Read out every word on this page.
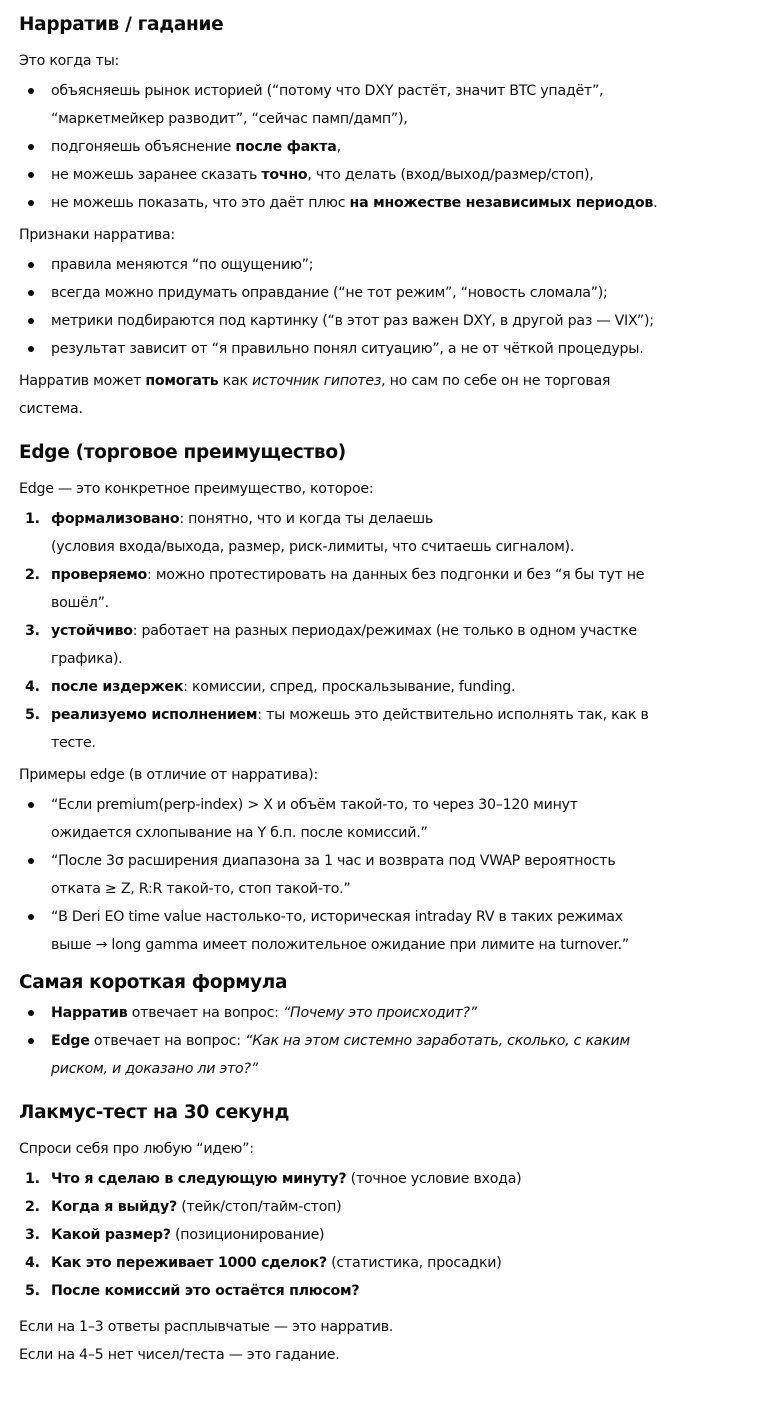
Нарратив / гадание

Это когда ты:

объясняешь рынок историей (“потому что DXY растёт, значит BTC упадёт”, “маркетмейкер разводит”, “сейчас памп/дамп”),
подгоняешь объяснение после факта,
не можешь заранее сказать точно, что делать (вход/выход/размер/стоп),
не можешь показать, что это даёт плюс на множестве независимых периодов.

Признаки нарратива:

правила меняются “по ощущению”;
всегда можно придумать оправдание (“не тот режим”, “новость сломала”);
метрики подбираются под картинку (“в этот раз важен DXY, в другой раз — VIX”);
результат зависит от “я правильно понял ситуацию”, а не от чёткой процедуры.

Нарратив может помогать как источник гипотез, но сам по себе он не торговая система.

Edge (торговое преимущество)

Edge — это конкретное преимущество, которое:

1. формализовано: понятно, что и когда ты делаешь
(условия входа/выхода, размер, риск-лимиты, что считаешь сигналом).
2. проверяемо: можно протестировать на данных без подгонки и без “я бы тут не вошёл”.
3. устойчиво: работает на разных периодах/режимах (не только в одном участке графика).
4. после издержек: комиссии, спред, проскальзывание, funding.
5. реализуемо исполнением: ты можешь это действительно исполнять так, как в тесте.

Примеры edge (в отличие от нарратива):

“Если premium(perp-index) > X и объём такой-то, то через 30–120 минут ожидается схлопывание на Y б.п. после комиссий.”
“После 3σ расширения диапазона за 1 час и возврата под VWAP вероятность отката ≥ Z, R:R такой-то, стоп такой-то.”
“В Deri EO time value настолько-то, историческая intraday RV в таких режимах выше → long gamma имеет положительное ожидание при лимите на turnover.”
Самая короткая формула
Нарратив отвечает на вопрос: “Почему это происходит?”
Edge отвечает на вопрос: “Как на этом системно заработать, сколько, с каким риском, и доказано ли это?”
Лакмус-тест на 30 секунд

Спроси себя про любую “идею”:

1. Что я сделаю в следующую минуту? (точное условие входа)
2. Когда я выйду? (тейк/стоп/тайм-стоп)
3. Какой размер? (позиционирование)
4. Как это переживает 1000 сделок? (статистика, просадки)
5. После комиссий это остаётся плюсом?

Если на 1–3 ответы расплывчатые — это нарратив.

Если на 4–5 нет чисел/теста — это гадание.
